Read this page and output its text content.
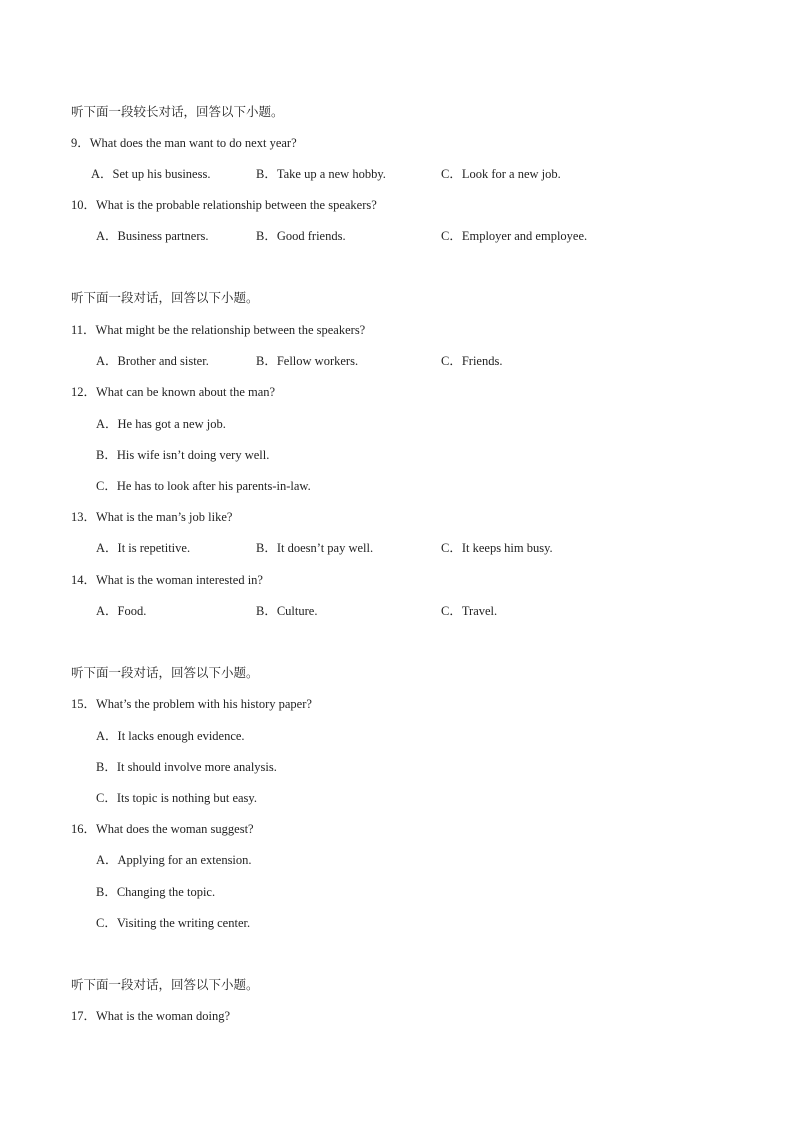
听下面一段较长对话，回答以下小题。
9．What does the man want to do next year?
A．Set up his business.	B．Take up a new hobby.	C．Look for a new job.
10．What is the probable relationship between the speakers?
A．Business partners.	B．Good friends.	C．Employer and employee.
听下面一段对话，回答以下小题。
11．What might be the relationship between the speakers?
A．Brother and sister.	B．Fellow workers.	C．Friends.
12．What can be known about the man?
A．He has got a new job.
B．His wife isn’t doing very well.
C．He has to look after his parents-in-law.
13．What is the man’s job like?
A．It is repetitive.	B．It doesn’t pay well.	C．It keeps him busy.
14．What is the woman interested in?
A．Food.	B．Culture.	C．Travel.
听下面一段对话，回答以下小题。
15．What’s the problem with his history paper?
A．It lacks enough evidence.
B．It should involve more analysis.
C．Its topic is nothing but easy.
16．What does the woman suggest?
A．Applying for an extension.
B．Changing the topic.
C．Visiting the writing center.
听下面一段对话，回答以下小题。
17．What is the woman doing?
